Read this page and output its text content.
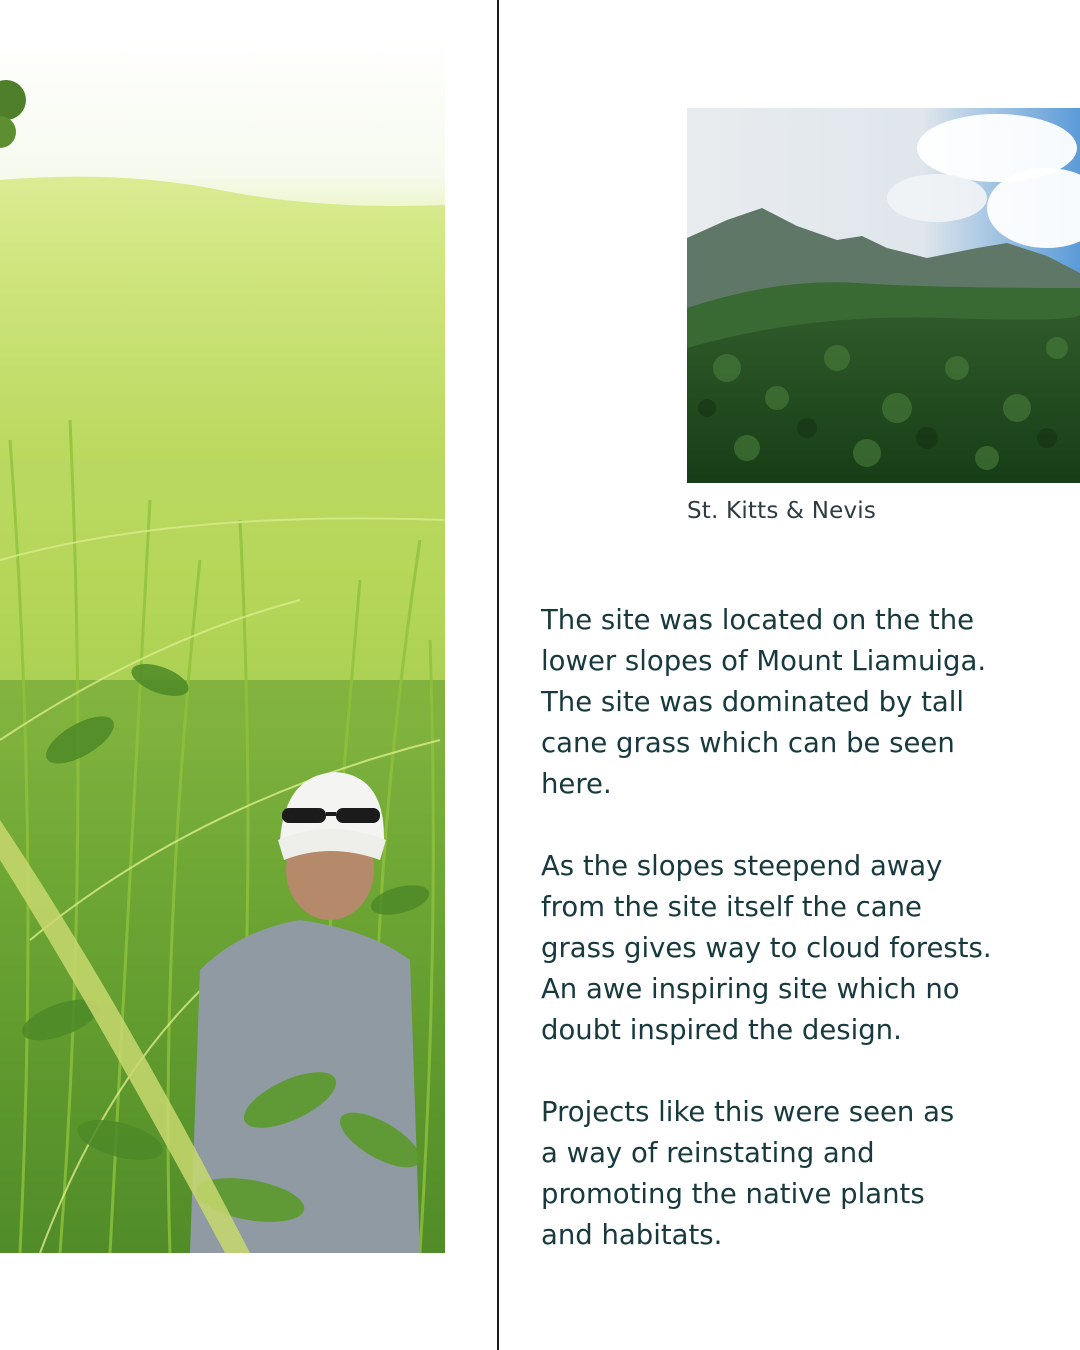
St. Kitts & Nevis

The site was located on the the
lower slopes of Mount Liamuiga.
The site was dominated by tall
cane grass which can be seen
here.

As the slopes steepend away
from the site itself the cane
grass gives way to cloud forests.
An awe inspiring site which no
doubt inspired the design.

Projects like this were seen as
a way of reinstating and
promoting the native plants
and habitats.
